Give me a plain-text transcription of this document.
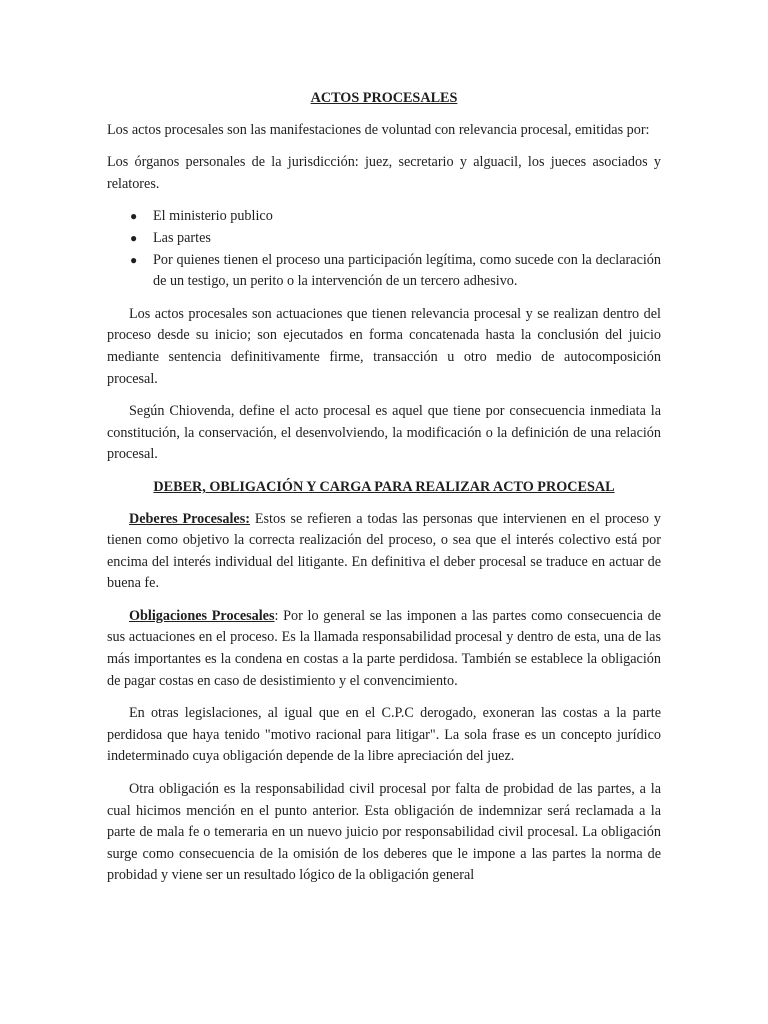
ACTOS PROCESALES

Los actos procesales son las manifestaciones de voluntad con relevancia procesal, emitidas por:

Los órganos personales de la jurisdicción: juez, secretario y alguacil, los jueces asociados y relatores.

● El ministerio publico
● Las partes
● Por quienes tienen el proceso una participación legítima, como sucede con la declaración de un testigo, un perito o la intervención de un tercero adhesivo.

Los actos procesales son actuaciones que tienen relevancia procesal y se realizan dentro del proceso desde su inicio; son ejecutados en forma concatenada hasta la conclusión del juicio mediante sentencia definitivamente firme, transacción u otro medio de autocomposición procesal.

Según Chiovenda, define el acto procesal es aquel que tiene por consecuencia inmediata la constitución, la conservación, el desenvolviendo, la modificación o la definición de una relación procesal.

DEBER, OBLIGACIÓN Y CARGA PARA REALIZAR ACTO PROCESAL

Deberes Procesales: Estos se refieren a todas las personas que intervienen en el proceso y tienen como objetivo la correcta realización del proceso, o sea que el interés colectivo está por encima del interés individual del litigante. En definitiva el deber procesal se traduce en actuar de buena fe.

Obligaciones Procesales: Por lo general se las imponen a las partes como consecuencia de sus actuaciones en el proceso. Es la llamada responsabilidad procesal y dentro de esta, una de las más importantes es la condena en costas a la parte perdidosa. También se establece la obligación de pagar costas en caso de desistimiento y el convencimiento.

En otras legislaciones, al igual que en el C.P.C derogado, exoneran las costas a la parte perdidosa que haya tenido "motivo racional para litigar". La sola frase es un concepto jurídico indeterminado cuya obligación depende de la libre apreciación del juez.

Otra obligación es la responsabilidad civil procesal por falta de probidad de las partes, a la cual hicimos mención en el punto anterior. Esta obligación de indemnizar será reclamada a la parte de mala fe o temeraria en un nuevo juicio por responsabilidad civil procesal. La obligación surge como consecuencia de la omisión de los deberes que le impone a las partes la norma de probidad y viene ser un resultado lógico de la obligación general
